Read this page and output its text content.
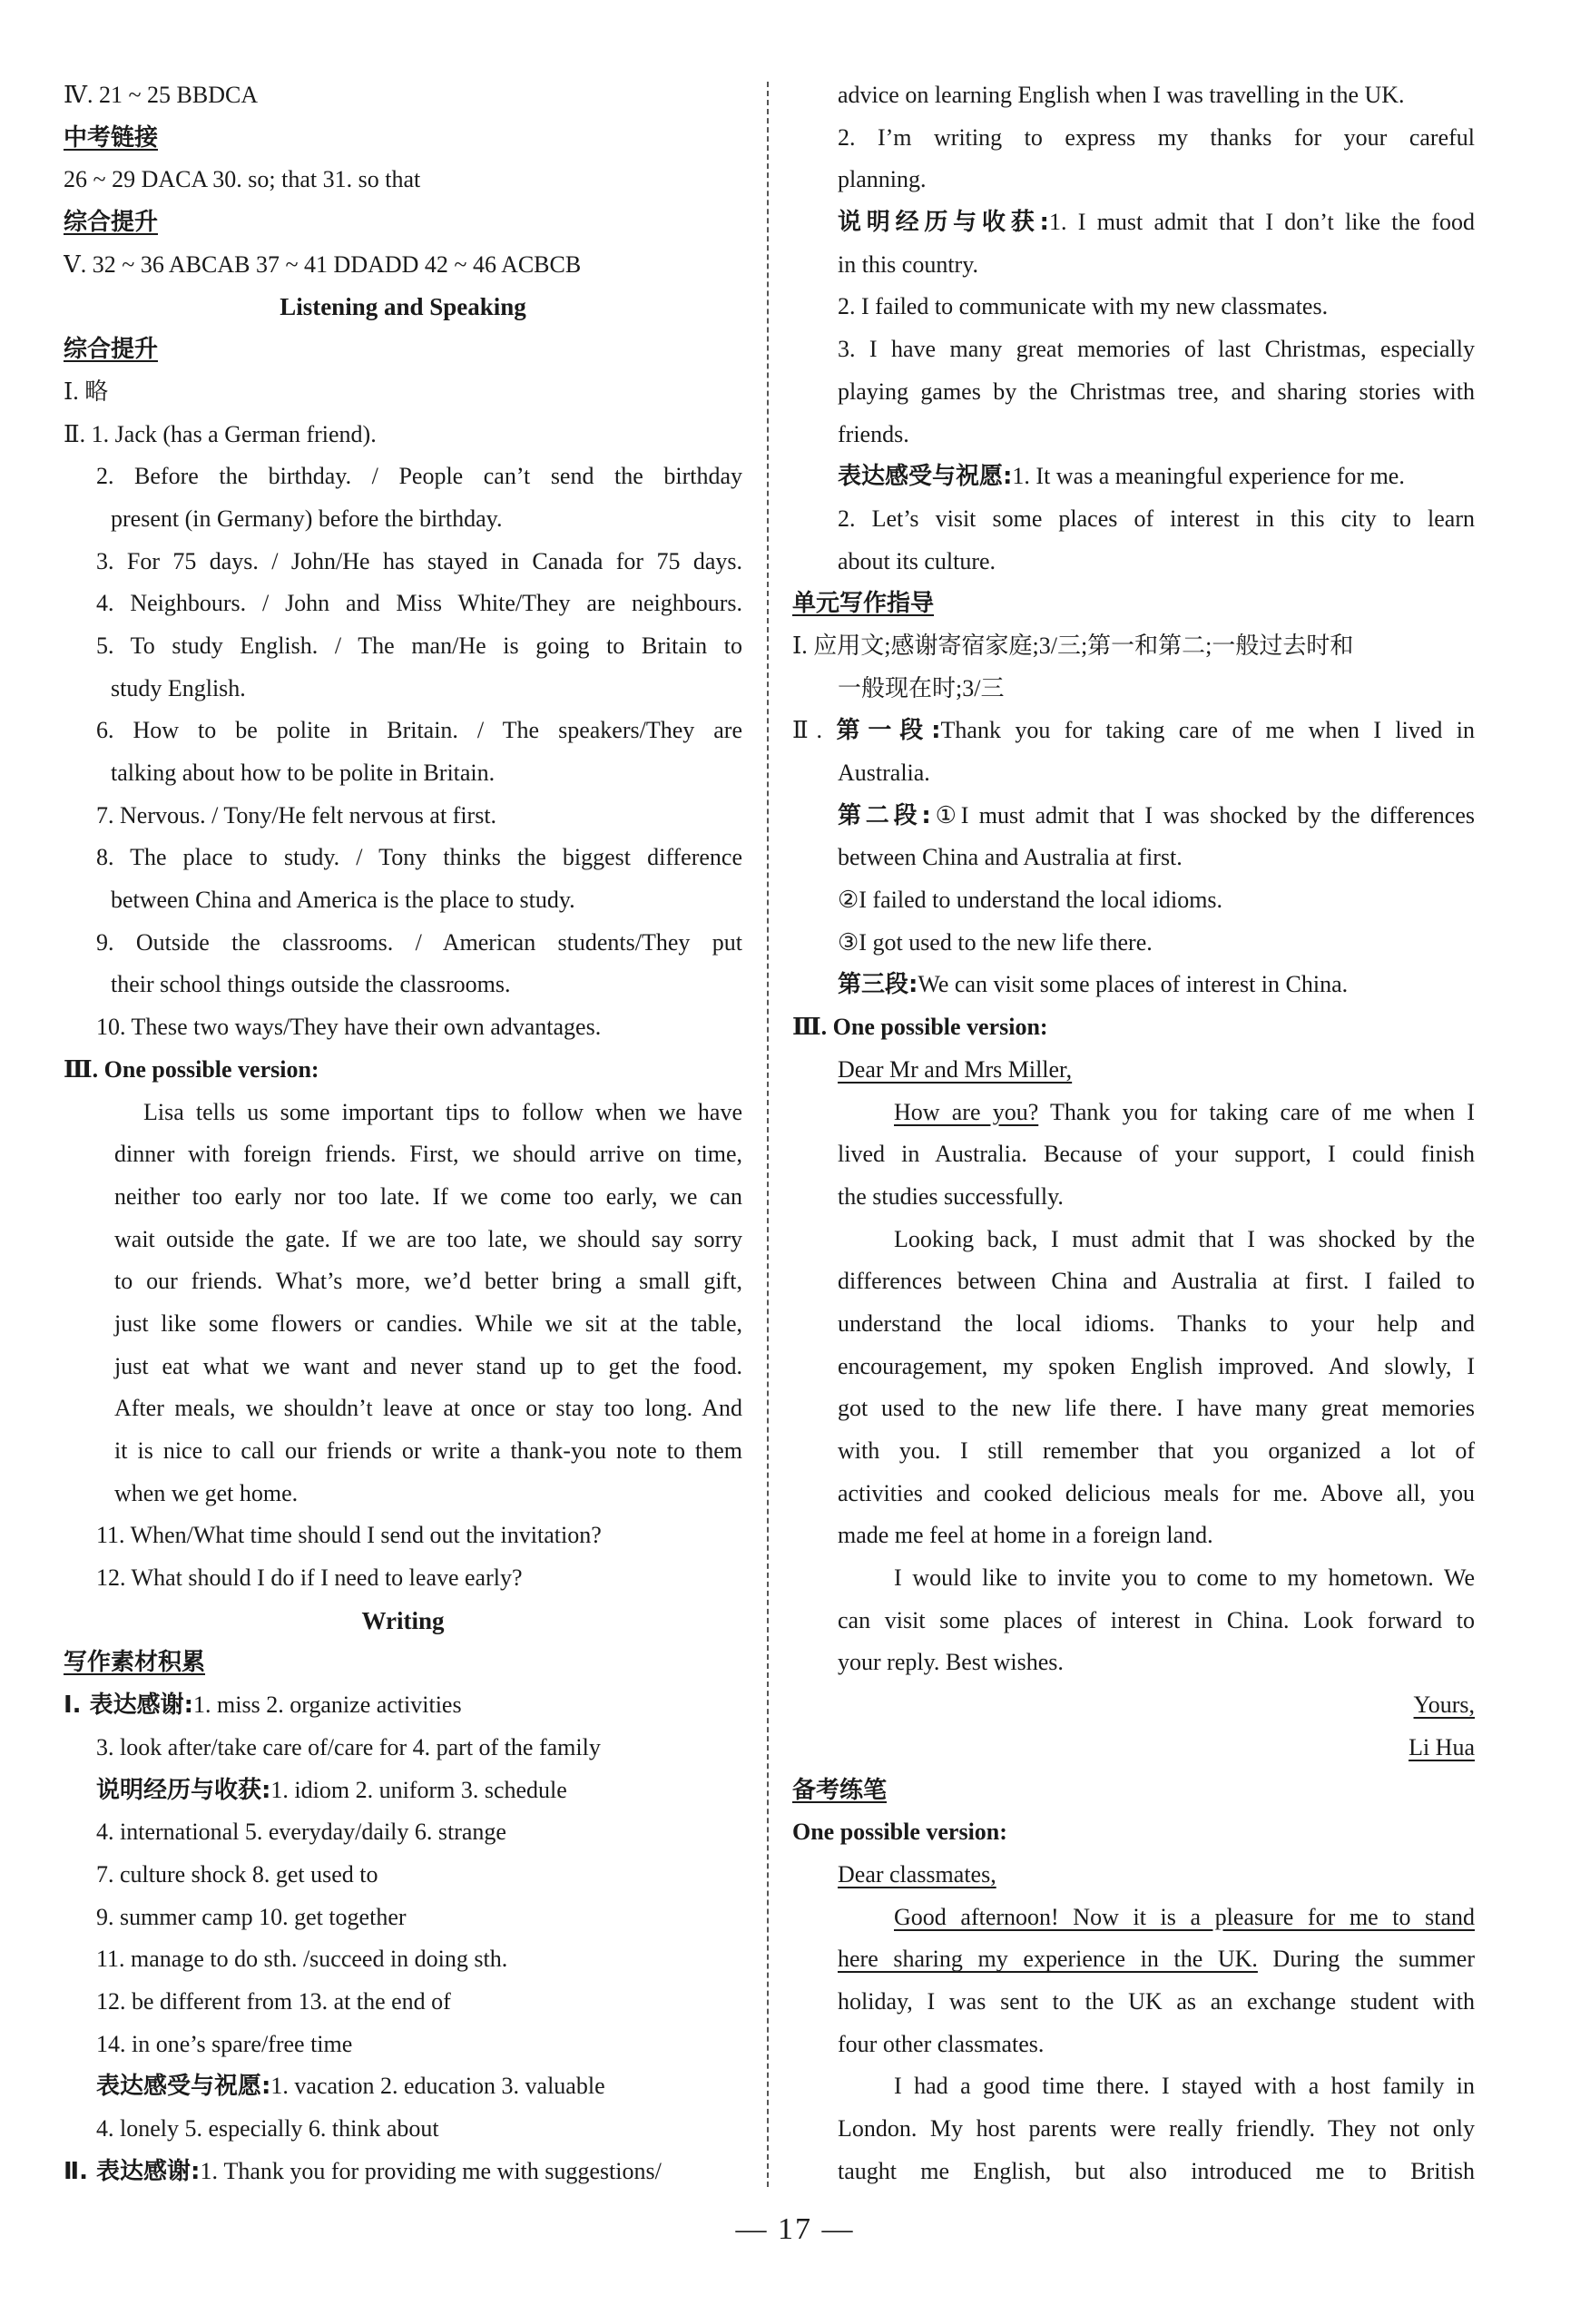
Ⅳ. 21 ~ 25 BBDCA
中考链接
26 ~ 29 DACA 30. so; that 31. so that
综合提升
Ⅴ. 32 ~ 36 ABCAB 37 ~ 41 DDADD 42 ~ 46 ACBCB
Listening and Speaking
综合提升
Ⅰ. 略
Ⅱ. 1. Jack (has a German friend).
2. Before the birthday. / People can’t send the birthday
present (in Germany) before the birthday.
3. For 75 days. / John/He has stayed in Canada for 75 days.
4. Neighbours. / John and Miss White/They are neighbours.
5. To study English. / The man/He is going to Britain to
study English.
6. How to be polite in Britain. / The speakers/They are
talking about how to be polite in Britain.
7. Nervous. / Tony/He felt nervous at first.
8. The place to study. / Tony thinks the biggest difference
between China and America is the place to study.
9. Outside the classrooms. / American students/They put
their school things outside the classrooms.
10. These two ways/They have their own advantages.
Ⅲ. One possible version:
Lisa tells us some important tips to follow when we have
dinner with foreign friends. First, we should arrive on time,
neither too early nor too late. If we come too early, we can
wait outside the gate. If we are too late, we should say sorry
to our friends. What’s more, we’d better bring a small gift,
just like some flowers or candies. While we sit at the table,
just eat what we want and never stand up to get the food.
After meals, we shouldn’t leave at once or stay too long. And
it is nice to call our friends or write a thank-you note to them
when we get home.
11. When/What time should I send out the invitation?
12. What should I do if I need to leave early?
Writing
写作素材积累
Ⅰ. 表达感谢:1. miss 2. organize activities
3. look after/take care of/care for 4. part of the family
说明经历与收获:1. idiom 2. uniform 3. schedule
4. international 5. everyday/daily 6. strange
7. culture shock 8. get used to
9. summer camp 10. get together
11. manage to do sth. /succeed in doing sth.
12. be different from 13. at the end of
14. in one’s spare/free time
表达感受与祝愿:1. vacation 2. education 3. valuable
4. lonely 5. especially 6. think about
Ⅱ. 表达感谢:1. Thank you for providing me with suggestions/
advice on learning English when I was travelling in the UK.
2. I’m writing to express my thanks for your careful
planning.
说明经历与收获:1. I must admit that I don’t like the food
in this country.
2. I failed to communicate with my new classmates.
3. I have many great memories of last Christmas, especially
playing games by the Christmas tree, and sharing stories with
friends.
表达感受与祝愿:1. It was a meaningful experience for me.
2. Let’s visit some places of interest in this city to learn
about its culture.
单元写作指导
Ⅰ. 应用文;感谢寄宿家庭;3/三;第一和第二;一般过去时和
一般现在时;3/三
Ⅱ. 第一段:Thank you for taking care of me when I lived in
Australia.
第二段:①I must admit that I was shocked by the differences
between China and Australia at first.
②I failed to understand the local idioms.
③I got used to the new life there.
第三段:We can visit some places of interest in China.
Ⅲ. One possible version:
Dear Mr and Mrs Miller,
How are you? Thank you for taking care of me when I
lived in Australia. Because of your support, I could finish
the studies successfully.
Looking back, I must admit that I was shocked by the
differences between China and Australia at first. I failed to
understand the local idioms. Thanks to your help and
encouragement, my spoken English improved. And slowly, I
got used to the new life there. I have many great memories
with you. I still remember that you organized a lot of
activities and cooked delicious meals for me. Above all, you
made me feel at home in a foreign land.
I would like to invite you to come to my hometown. We
can visit some places of interest in China. Look forward to
your reply. Best wishes.
Yours,
Li Hua
备考练笔
One possible version:
Dear classmates,
Good afternoon! Now it is a pleasure for me to stand
here sharing my experience in the UK. During the summer
holiday, I was sent to the UK as an exchange student with
four other classmates.
I had a good time there. I stayed with a host family in
London. My host parents were really friendly. They not only
taught me English, but also introduced me to British
— 17 —
